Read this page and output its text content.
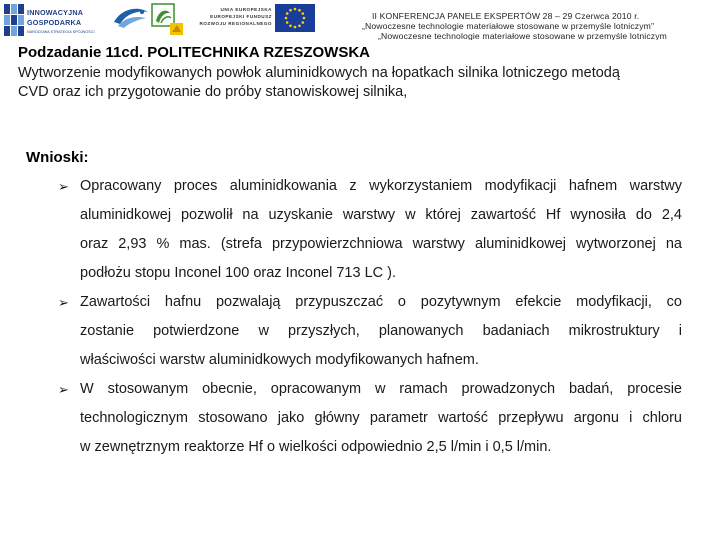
INNOWACYJNA
GOSPODARKA
NARODOWA STRATEGIA SPÓJNOŚCI
UNIA EUROPEJSKA
EUROPEJSKI FUNDUSZ
ROZWOJU REGIONALNEGO
II KONFERENCJA PANELE EKSPERTÓW 28 – 29 Czerwca 2010 r.
„Nowoczesne technologie materiałowe stosowane w przemyśle lotniczym"
„Nowoczesne technologie materiałowe stosowane w przemyśle lotniczym
Podzadanie 11cd. POLITECHNIKA RZESZOWSKA
Wytworzenie modyfikowanych powłok aluminidkowych na łopatkach silnika lotniczego metodą
CVD oraz ich przygotowanie do próby stanowiskowej silnika,
Wnioski:
➢ Opracowany proces aluminidkowania z wykorzystaniem modyfikacji hafnem warstwy
aluminidkowej pozwolił na uzyskanie warstwy w której zawartość Hf wynosiła do 2,4
oraz 2,93 % mas. (strefa przypowierzchniowa warstwy aluminidkowej wytworzonej na
podłożu stopu Inconel 100 oraz Inconel 713 LC ).
➢ Zawartości hafnu pozwalają przypuszczać o pozytywnym efekcie modyfikacji, co
zostanie potwierdzone w przyszłych, planowanych badaniach mikrostruktury i
właściwości warstw aluminidkowych modyfikowanych hafnem.
➢ W stosowanym obecnie, opracowanym w ramach prowadzonych badań, procesie
technologicznym stosowano jako główny parametr wartość przepływu argonu i chloru
w zewnętrznym reaktorze Hf o wielkości odpowiednio 2,5 l/min i 0,5 l/min.
